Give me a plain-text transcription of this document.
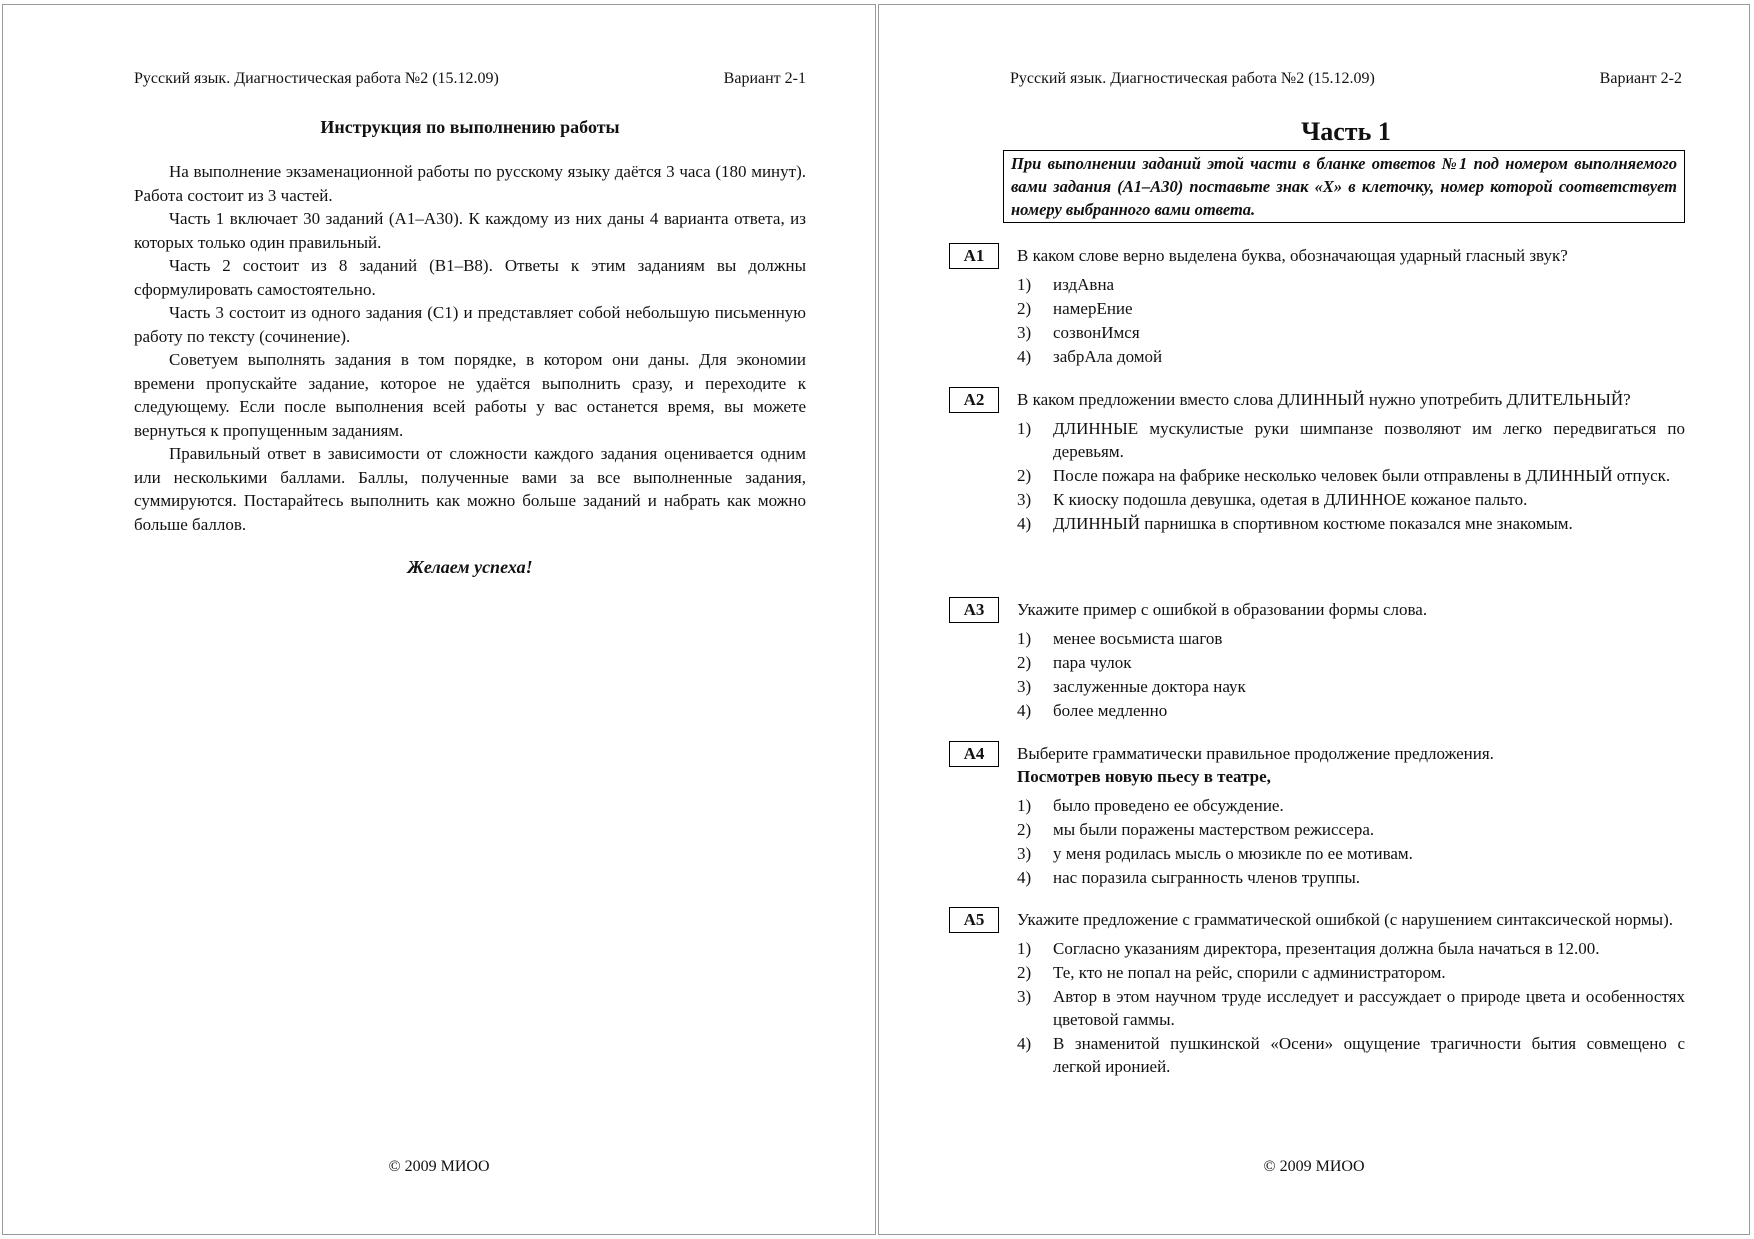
Русский язык. Диагностическая работа №2 (15.12.09)	Вариант 2-1
Инструкция по выполнению работы

На выполнение экзаменационной работы по русскому языку даётся 3 часа (180 минут). Работа состоит из 3 частей.

Часть 1 включает 30 заданий (А1–А30). К каждому из них даны 4 варианта ответа, из которых только один правильный.

Часть 2 состоит из 8 заданий (В1–В8). Ответы к этим заданиям вы должны сформулировать самостоятельно.

Часть 3 состоит из одного задания (С1) и представляет собой небольшую письменную работу по тексту (сочинение).

Советуем выполнять задания в том порядке, в котором они даны. Для экономии времени пропускайте задание, которое не удаётся выполнить сразу, и переходите к следующему. Если после выполнения всей работы у вас останется время, вы можете вернуться к пропущенным заданиям.

Правильный ответ в зависимости от сложности каждого задания оценивается одним или несколькими баллами. Баллы, полученные вами за все выполненные задания, суммируются. Постарайтесь выполнить как можно больше заданий и набрать как можно больше баллов.

Желаем успеха!
© 2009 МИОО
Русский язык. Диагностическая работа №2 (15.12.09)	Вариант 2-2
Часть 1
При выполнении заданий этой части в бланке ответов №1 под номером выполняемого вами задания (А1–А30) поставьте знак «X» в клеточку, номер которой соответствует номеру выбранного вами ответа.
А1	В каком слове верно выделена буква, обозначающая ударный гласный звук?
1)	издАвна
2)	намерЕние
3)	созвонИмся
4)	забрАла домой
А2	В каком предложении вместо слова ДЛИННЫЙ нужно употребить ДЛИТЕЛЬНЫЙ?
1)	ДЛИННЫЕ мускулистые руки шимпанзе позволяют им легко передвигаться по деревьям.
2)	После пожара на фабрике несколько человек были отправлены в ДЛИННЫЙ отпуск.
3)	К киоску подошла девушка, одетая в ДЛИННОЕ кожаное пальто.
4)	ДЛИННЫЙ парнишка в спортивном костюме показался мне знакомым.
А3	Укажите пример с ошибкой в образовании формы слова.
1)	менее восьмиста шагов
2)	пара чулок
3)	заслуженные доктора наук
4)	более медленно
А4	Выберите грамматически правильное продолжение предложения.
Посмотрев новую пьесу в театре,
1)	было проведено ее обсуждение.
2)	мы были поражены мастерством режиссера.
3)	у меня родилась мысль о мюзикле по ее мотивам.
4)	нас поразила сыгранность членов труппы.
А5	Укажите предложение с грамматической ошибкой (с нарушением синтаксической нормы).
1)	Согласно указаниям директора, презентация должна была начаться в 12.00.
2)	Те, кто не попал на рейс, спорили с администратором.
3)	Автор в этом научном труде исследует и рассуждает о природе цвета и особенностях цветовой гаммы.
4)	В знаменитой пушкинской «Осени» ощущение трагичности бытия совмещено с легкой иронией.
© 2009 МИОО
